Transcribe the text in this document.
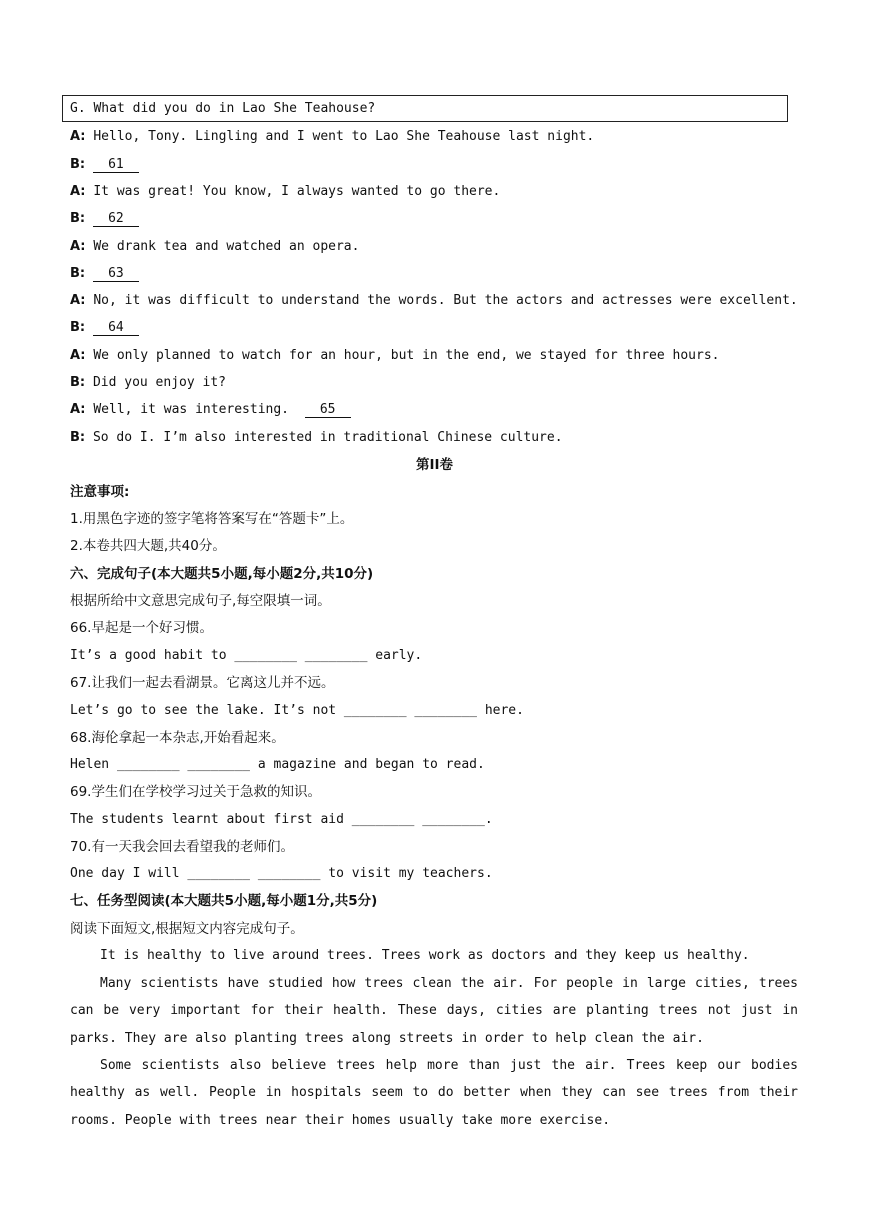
G. What did you do in Lao She Teahouse?
A: Hello, Tony. Lingling and I went to Lao She Teahouse last night.
B: 61
A: It was great! You know, I always wanted to go there.
B: 62
A: We drank tea and watched an opera.
B: 63
A: No, it was difficult to understand the words. But the actors and actresses were excellent.
B: 64
A: We only planned to watch for an hour, but in the end, we stayed for three hours.
B: Did you enjoy it?
A: Well, it was interesting. 65
B: So do I. I’m also interested in traditional Chinese culture.
第II卷
注意事项:
1.用黑色字迹的签字笔将答案写在“答题卡”上。
2.本卷共四大题,共40分。
六、完成句子(本大题共5小题,每小题2分,共10分)
根据所给中文意思完成句子,每空限填一词。
66.早起是一个好习惯。
It’s a good habit to ________ ________ early.
67.让我们一起去看湖景。它离这儿并不远。
Let’s go to see the lake. It’s not ________ ________ here.
68.海伦拿起一本杂志,开始看起来。
Helen ________ ________ a magazine and began to read.
69.学生们在学校学习过关于急救的知识。
The students learnt about first aid ________ ________.
70.有一天我会回去看望我的老师们。
One day I will ________ ________ to visit my teachers.
七、任务型阅读(本大题共5小题,每小题1分,共5分)
阅读下面短文,根据短文内容完成句子。
It is healthy to live around trees. Trees work as doctors and they keep us healthy.
Many scientists have studied how trees clean the air. For people in large cities, trees can be very important for their health. These days, cities are planting trees not just in parks. They are also planting trees along streets in order to help clean the air.
Some scientists also believe trees help more than just the air. Trees keep our bodies healthy as well. People in hospitals seem to do better when they can see trees from their rooms. People with trees near their homes usually take more exercise.
